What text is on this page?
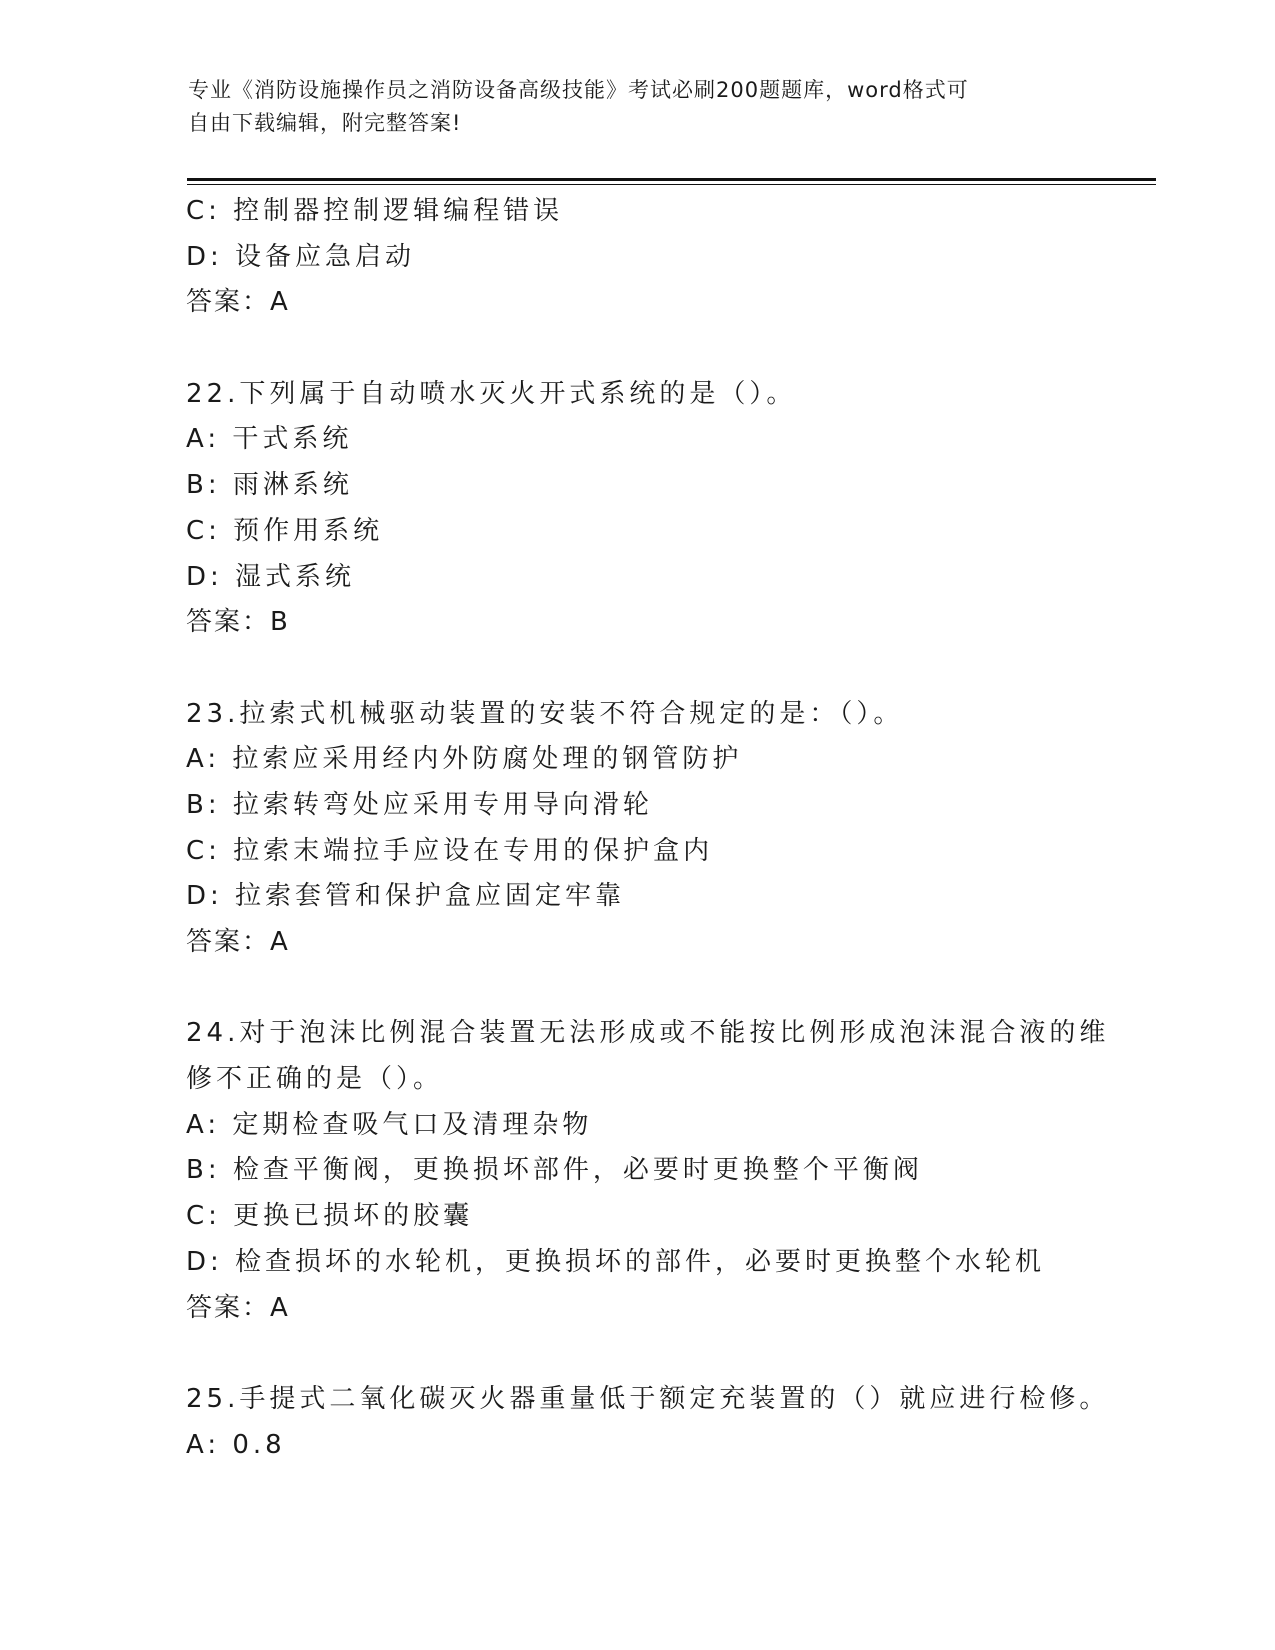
专业《消防设施操作员之消防设备高级技能》考试必刷200题题库，word格式可
自由下载编辑，附完整答案!
C: 控制器控制逻辑编程错误
D: 设备应急启动
答案：A
22.下列属于自动喷水灭火开式系统的是（）。
A: 干式系统
B: 雨淋系统
C: 预作用系统
D: 湿式系统
答案：B
23.拉索式机械驱动装置的安装不符合规定的是：（）。
A: 拉索应采用经内外防腐处理的钢管防护
B: 拉索转弯处应采用专用导向滑轮
C: 拉索末端拉手应设在专用的保护盒内
D: 拉索套管和保护盒应固定牢靠
答案：A
24.对于泡沫比例混合装置无法形成或不能按比例形成泡沫混合液的维
修不正确的是（）。
A: 定期检查吸气口及清理杂物
B: 检查平衡阀，更换损坏部件，必要时更换整个平衡阀
C: 更换已损坏的胶囊
D: 检查损坏的水轮机，更换损坏的部件，必要时更换整个水轮机
答案：A
25.手提式二氧化碳灭火器重量低于额定充装置的（）就应进行检修。
A: 0.8
